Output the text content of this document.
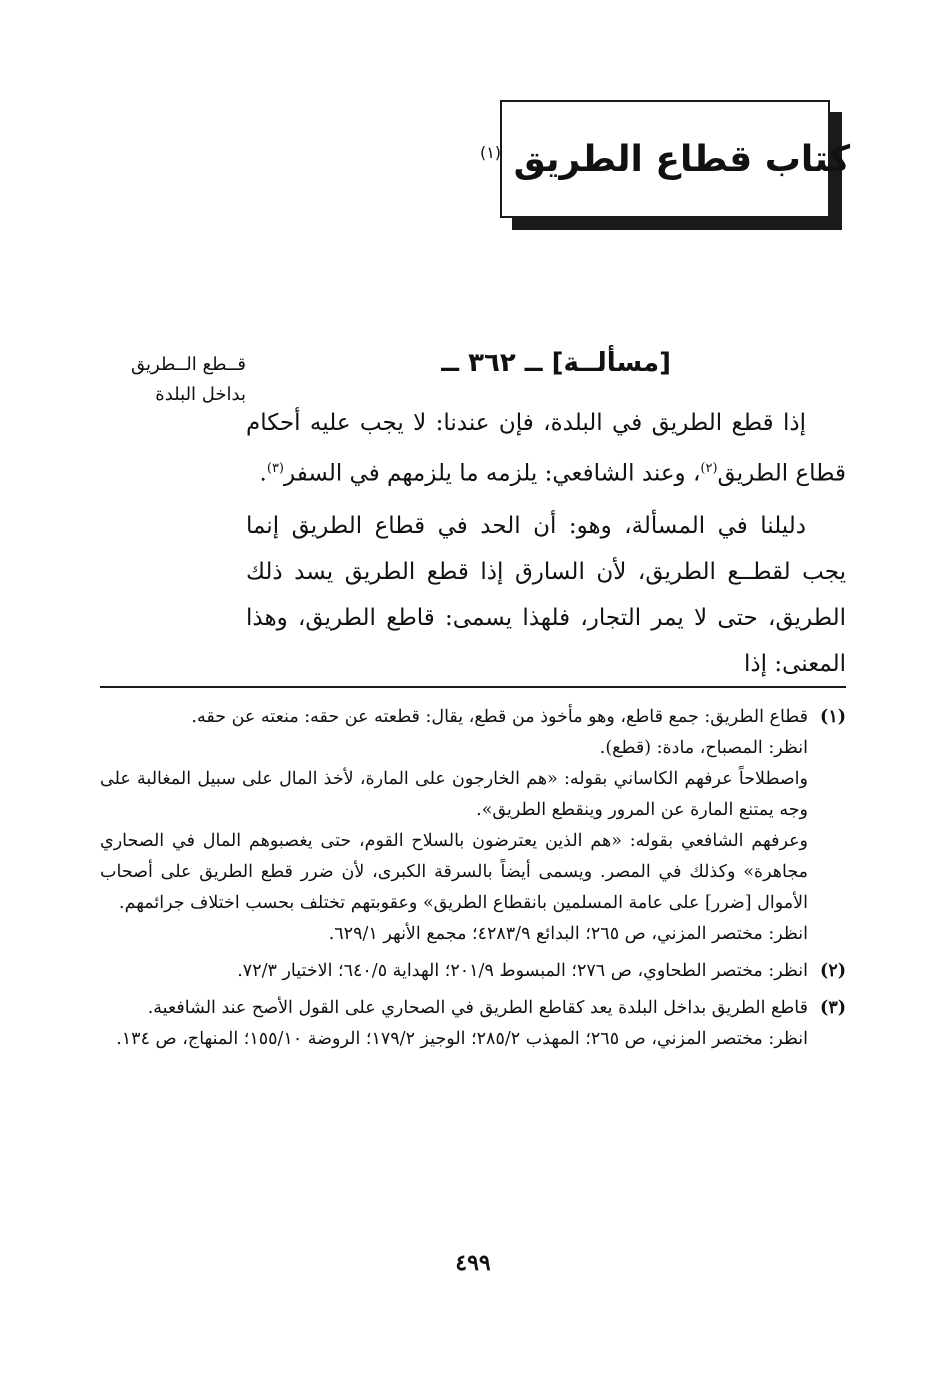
كتاب قطاع الطريق $^{(١)}$
قــطع الــطريق
بداخل البلدة
[مسألــة] ــ ٣٦٢ ــ

إذا قطع الطريق في البلدة، فإن عندنا: لا يجب عليه أحكام قطاع الطريق$^{(٢)}$، وعند الشافعي: يلزمه ما يلزمهم في السفر$^{(٣)}$.

دليلنا في المسألة، وهو: أن الحد في قطاع الطريق إنما يجب لقطــع الطريق، لأن السارق إذا قطع الطريق يسد ذلك الطريق، حتى لا يمر التجار، فلهذا يسمى: قاطع الطريق، وهذا المعنى: إذا

(١)
قطاع الطريق: جمع قاطع، وهو مأخوذ من قطع، يقال: قطعته عن حقه: منعته عن حقه.
انظر: المصباح، مادة: (قطع).
واصطلاحاً عرفهم الكاساني بقوله: «هم الخارجون على المارة، لأخذ المال على سبيل المغالبة على وجه يمتنع المارة عن المرور وينقطع الطريق».
وعرفهم الشافعي بقوله: «هم الذين يعترضون بالسلاح القوم، حتى يغصبوهم المال في الصحاري مجاهرة» وكذلك في المصر. ويسمى أيضاً بالسرقة الكبرى، لأن ضرر قطع الطريق على أصحاب الأموال [ضرر] على عامة المسلمين بانقطاع الطريق» وعقوبتهم تختلف بحسب اختلاف جرائمهم.
انظر: مختصر المزني، ص ٢٦٥؛ البدائع ٤٢٨٣/٩؛ مجمع الأنهر ٦٢٩/١.
(٢)
انظر: مختصر الطحاوي، ص ٢٧٦؛ المبسوط ٢٠١/٩؛ الهداية ٦٤٠/٥؛ الاختيار ٧٢/٣.
(٣)
قاطع الطريق بداخل البلدة يعد كقاطع الطريق في الصحاري على القول الأصح عند الشافعية.
انظر: مختصر المزني، ص ٢٦٥؛ المهذب ٢٨٥/٢؛ الوجيز ١٧٩/٢؛ الروضة ١٥٥/١٠؛ المنهاج، ص ١٣٤.
٤٩٩
